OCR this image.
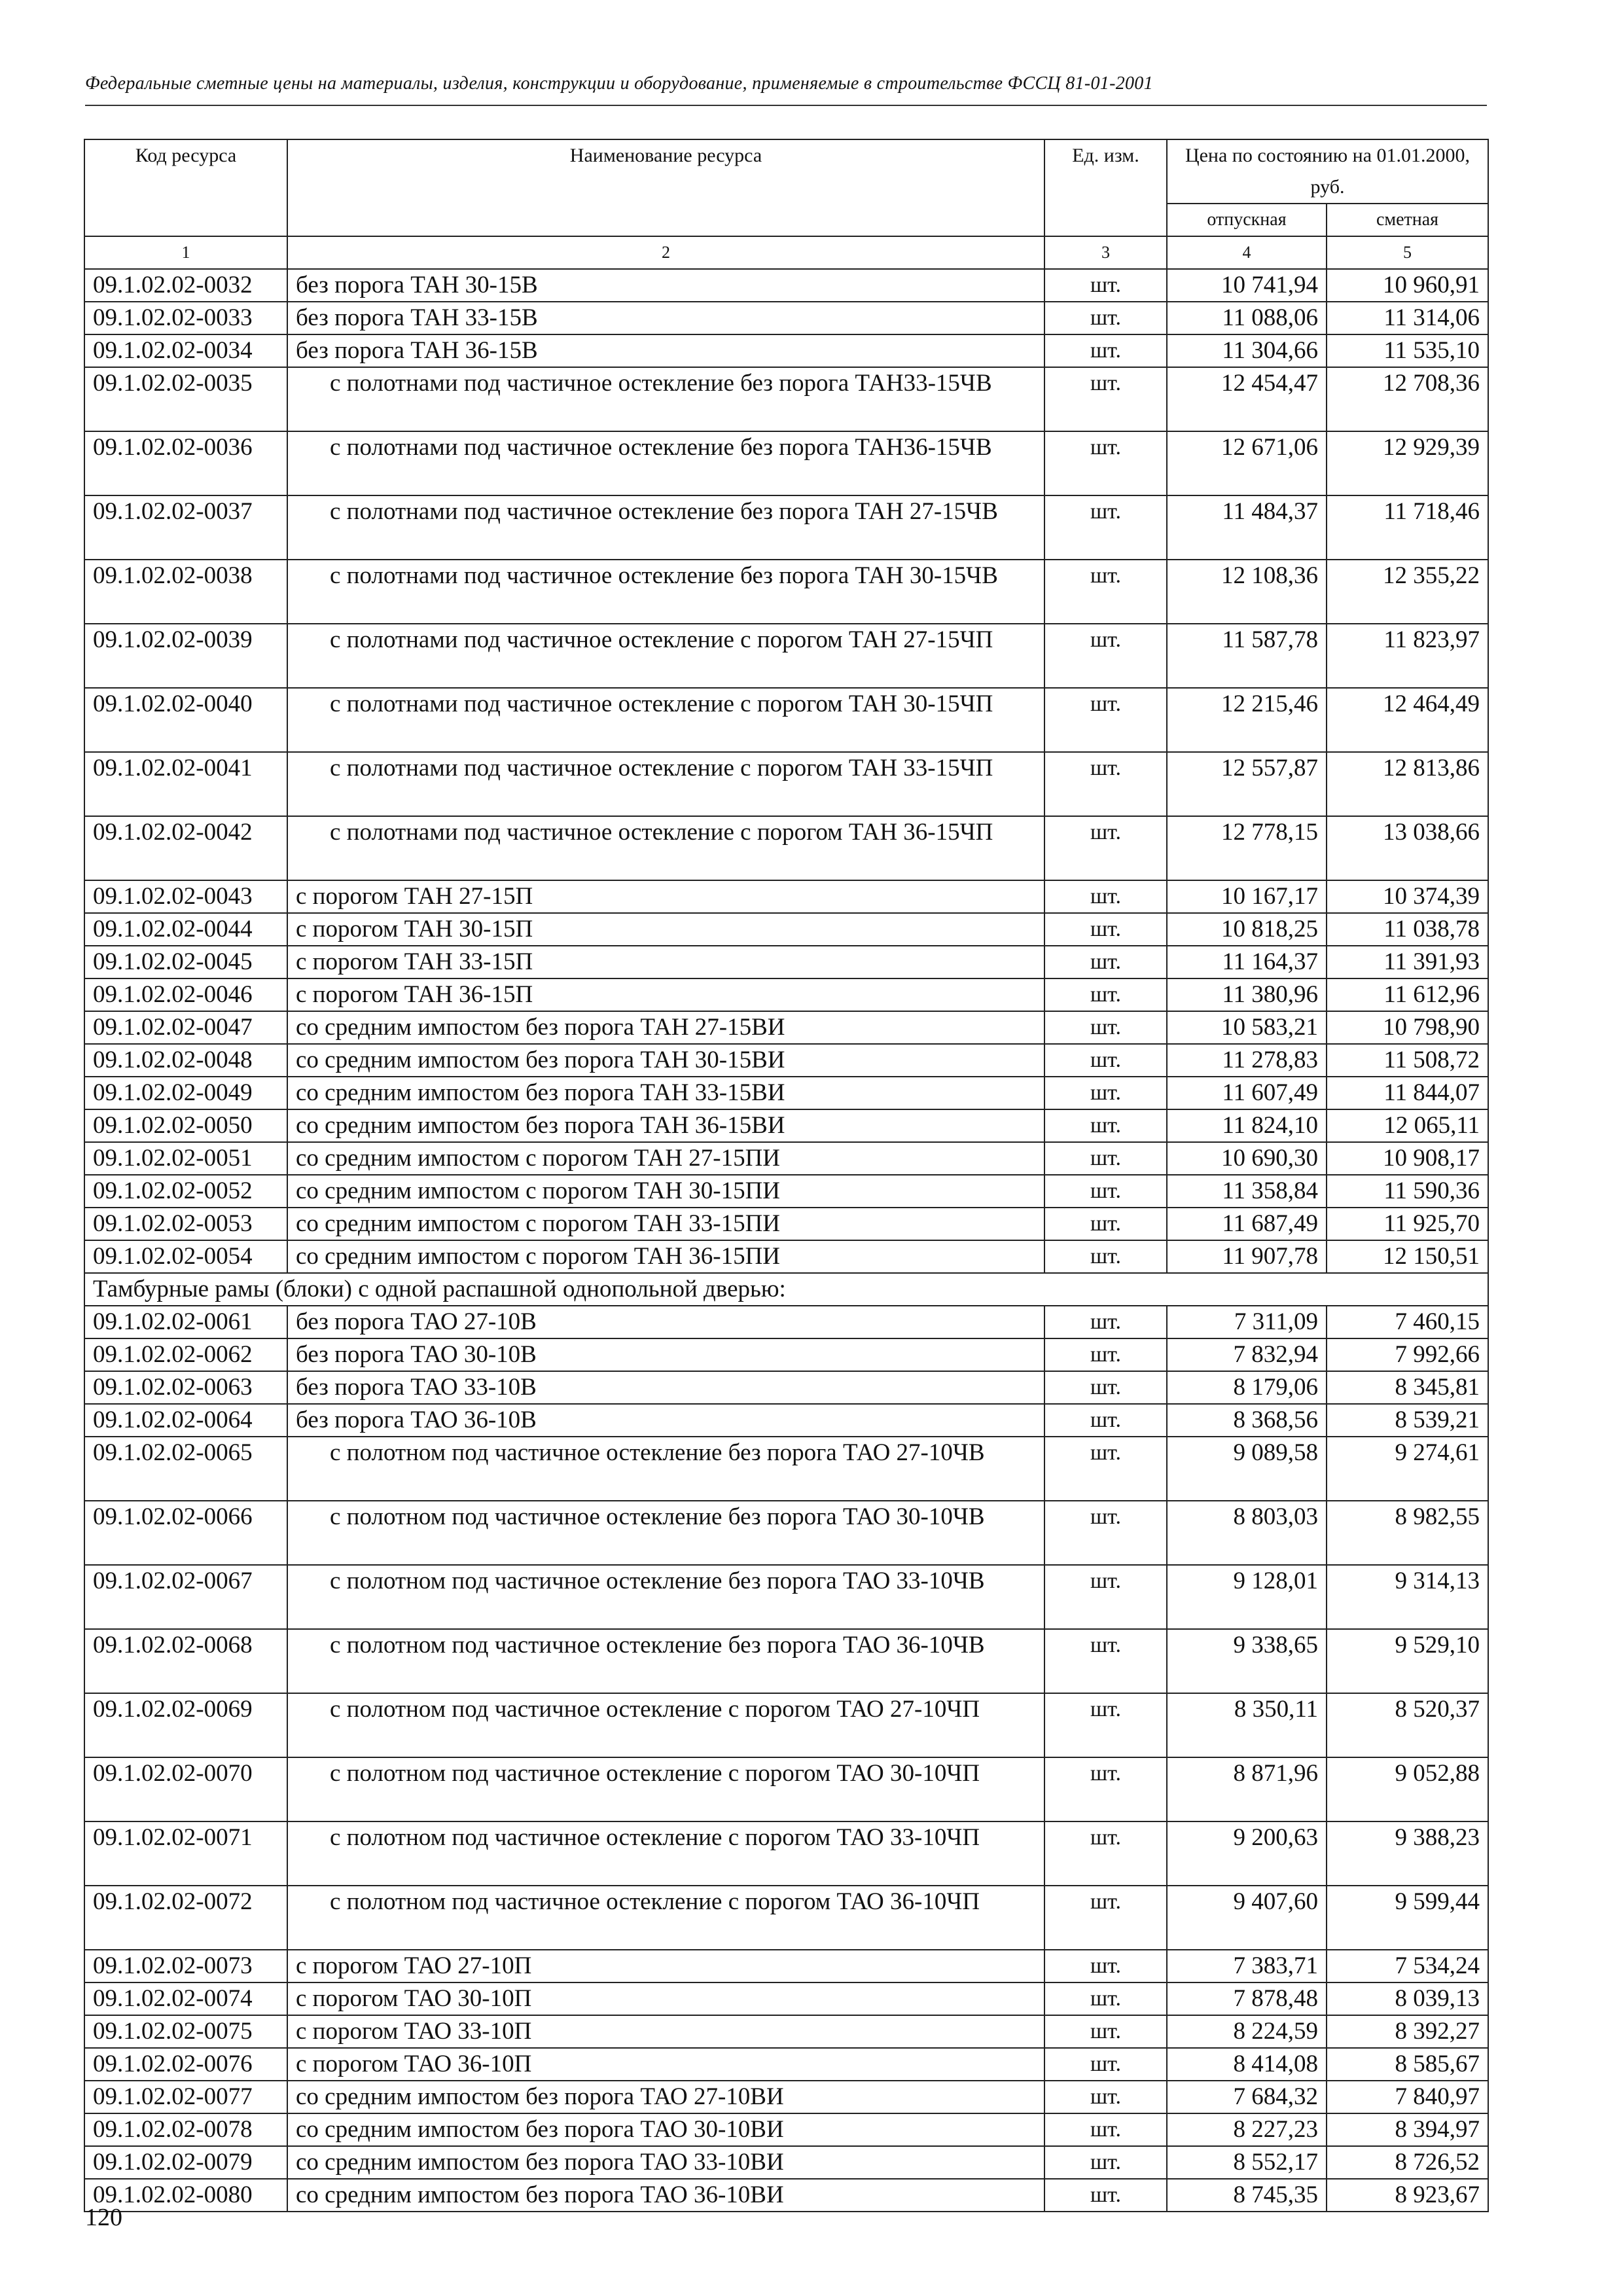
Федеральные сметные цены на материалы, изделия, конструкции и оборудование, применяемые в строительстве ФССЦ 81-01-2001
Код ресурса	Наименование ресурса	Ед. изм.	Цена по состоянию на 01.01.2000, руб.	
			отпускная	сметная
1	2	3	4	5
09.1.02.02-0032	без порога ТАН 30-15В	шт.	10 741,94	10 960,91
09.1.02.02-0033	без порога ТАН 33-15В	шт.	11 088,06	11 314,06
09.1.02.02-0034	без порога ТАН 36-15В	шт.	11 304,66	11 535,10
09.1.02.02-0035	с полотнами под частичное остекление без порога ТАН33-15ЧВ	шт.	12 454,47	12 708,36
09.1.02.02-0036	с полотнами под частичное остекление без порога ТАН36-15ЧВ	шт.	12 671,06	12 929,39
09.1.02.02-0037	с полотнами под частичное остекление без порога ТАН 27-15ЧВ	шт.	11 484,37	11 718,46
09.1.02.02-0038	с полотнами под частичное остекление без порога ТАН 30-15ЧВ	шт.	12 108,36	12 355,22
09.1.02.02-0039	с полотнами под частичное остекление с порогом ТАН 27-15ЧП	шт.	11 587,78	11 823,97
09.1.02.02-0040	с полотнами под частичное остекление с порогом ТАН 30-15ЧП	шт.	12 215,46	12 464,49
09.1.02.02-0041	с полотнами под частичное остекление с порогом ТАН 33-15ЧП	шт.	12 557,87	12 813,86
09.1.02.02-0042	с полотнами под частичное остекление с порогом ТАН 36-15ЧП	шт.	12 778,15	13 038,66
09.1.02.02-0043	с порогом ТАН 27-15П	шт.	10 167,17	10 374,39
09.1.02.02-0044	с порогом ТАН 30-15П	шт.	10 818,25	11 038,78
09.1.02.02-0045	с порогом ТАН 33-15П	шт.	11 164,37	11 391,93
09.1.02.02-0046	с порогом ТАН 36-15П	шт.	11 380,96	11 612,96
09.1.02.02-0047	со средним импостом без порога ТАН 27-15ВИ	шт.	10 583,21	10 798,90
09.1.02.02-0048	со средним импостом без порога ТАН 30-15ВИ	шт.	11 278,83	11 508,72
09.1.02.02-0049	со средним импостом без порога ТАН 33-15ВИ	шт.	11 607,49	11 844,07
09.1.02.02-0050	со средним импостом без порога ТАН 36-15ВИ	шт.	11 824,10	12 065,11
09.1.02.02-0051	со средним импостом с порогом ТАН 27-15ПИ	шт.	10 690,30	10 908,17
09.1.02.02-0052	со средним импостом с порогом ТАН 30-15ПИ	шт.	11 358,84	11 590,36
09.1.02.02-0053	со средним импостом с порогом ТАН 33-15ПИ	шт.	11 687,49	11 925,70
09.1.02.02-0054	со средним импостом с порогом ТАН 36-15ПИ	шт.	11 907,78	12 150,51
Тамбурные рамы (блоки) с одной распашной однопольной дверью:				
09.1.02.02-0061	без порога ТАО 27-10В	шт.	7 311,09	7 460,15
09.1.02.02-0062	без порога ТАО 30-10В	шт.	7 832,94	7 992,66
09.1.02.02-0063	без порога ТАО 33-10В	шт.	8 179,06	8 345,81
09.1.02.02-0064	без порога ТАО 36-10В	шт.	8 368,56	8 539,21
09.1.02.02-0065	с полотном под частичное остекление без порога ТАО 27-10ЧВ	шт.	9 089,58	9 274,61
09.1.02.02-0066	с полотном под частичное остекление без порога ТАО 30-10ЧВ	шт.	8 803,03	8 982,55
09.1.02.02-0067	с полотном под частичное остекление без порога ТАО 33-10ЧВ	шт.	9 128,01	9 314,13
09.1.02.02-0068	с полотном под частичное остекление без порога ТАО 36-10ЧВ	шт.	9 338,65	9 529,10
09.1.02.02-0069	с полотном под частичное остекление с порогом ТАО 27-10ЧП	шт.	8 350,11	8 520,37
09.1.02.02-0070	с полотном под частичное остекление с порогом ТАО 30-10ЧП	шт.	8 871,96	9 052,88
09.1.02.02-0071	с полотном под частичное остекление с порогом ТАО 33-10ЧП	шт.	9 200,63	9 388,23
09.1.02.02-0072	с полотном под частичное остекление с порогом ТАО 36-10ЧП	шт.	9 407,60	9 599,44
09.1.02.02-0073	с порогом ТАО 27-10П	шт.	7 383,71	7 534,24
09.1.02.02-0074	с порогом ТАО 30-10П	шт.	7 878,48	8 039,13
09.1.02.02-0075	с порогом ТАО 33-10П	шт.	8 224,59	8 392,27
09.1.02.02-0076	с порогом ТАО 36-10П	шт.	8 414,08	8 585,67
09.1.02.02-0077	со средним импостом без порога ТАО 27-10ВИ	шт.	7 684,32	7 840,97
09.1.02.02-0078	со средним импостом без порога ТАО 30-10ВИ	шт.	8 227,23	8 394,97
09.1.02.02-0079	со средним импостом без порога ТАО 33-10ВИ	шт.	8 552,17	8 726,52
09.1.02.02-0080	со средним импостом без порога ТАО 36-10ВИ	шт.	8 745,35	8 923,67
120
